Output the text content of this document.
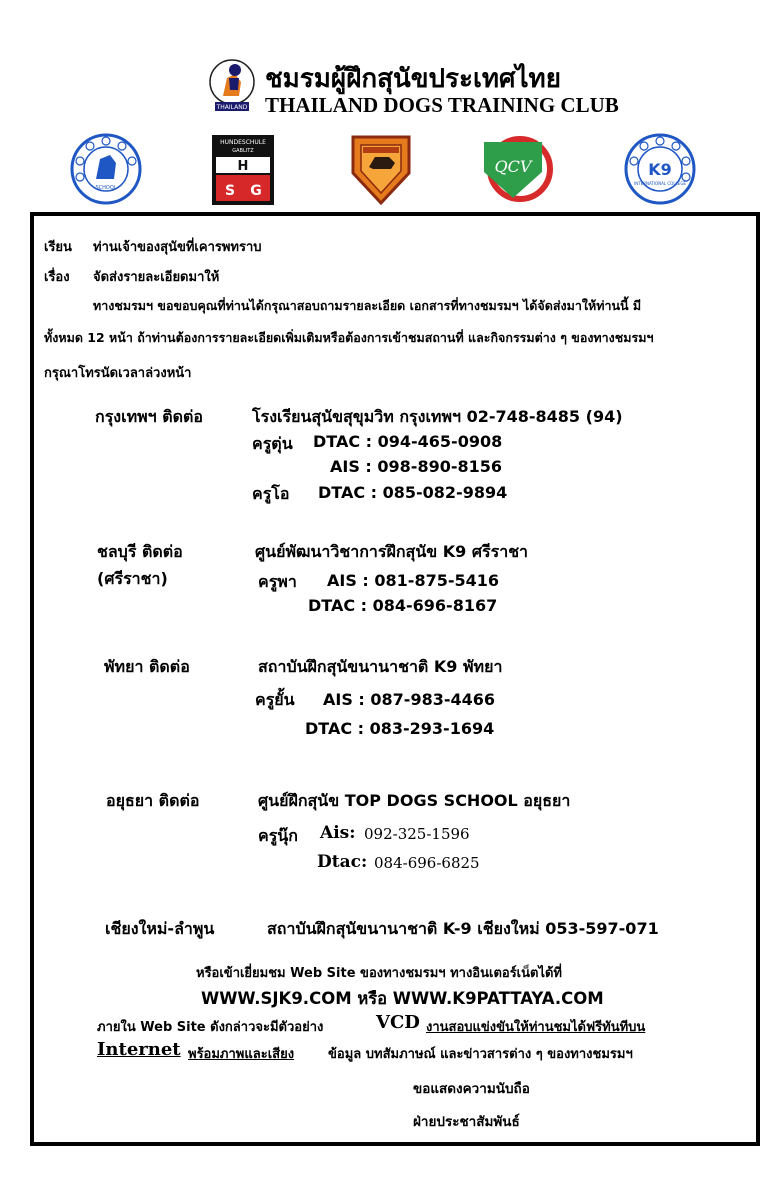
THAILAND
ชมรมผู้ฝึกสุนัขประเทศไทย
THAILAND DOGS TRAINING CLUB
SCHOOL
HUNDESCHULE
GABLITZ
H
S G
QCV	K9
INTERNATIONAL COLLEGE
เรียน ท่านเจ้าของสุนัขที่เคารพทราบ
เรื่อง จัดส่งรายละเอียดมาให้
ทางชมรมฯ ขอขอบคุณที่ท่านได้กรุณาสอบถามรายละเอียด เอกสารที่ทางชมรมฯ ได้จัดส่งมาให้ท่านนี้ มี
ทั้งหมด 12 หน้า ถ้าท่านต้องการรายละเอียดเพิ่มเติมหรือต้องการเข้าชมสถานที่ และกิจกรรมต่าง ๆ ของทางชมรมฯ
กรุณาโทรนัดเวลาล่วงหน้า
กรุงเทพฯ ติดต่อ	โรงเรียนสุนัขสุขุมวิท กรุงเทพฯ 02-748-8485 (94)
ครูตุ่น DTAC : 094-465-0908
AIS : 098-890-8156
ครูโอ DTAC : 085-082-9894
ชลบุรี ติดต่อ
(ศรีราชา)
ศูนย์พัฒนาวิชาการฝึกสุนัข K9 ศรีราชา
ครูพา AIS : 081-875-5416
DTAC : 084-696-8167
พัทยา ติดต่อ	สถาบันฝึกสุนัขนานาชาติ K9 พัทยา
ครูยั้น AIS : 087-983-4466
DTAC : 083-293-1694
อยุธยา ติดต่อ	ศูนย์ฝึกสุนัข TOP DOGS SCHOOL อยุธยา
ครูนุ๊ก Ais: 092-325-1596
Dtac: 084-696-6825
เชียงใหม่-ลำพูน	สถาบันฝึกสุนัขนานาชาติ K-9 เชียงใหม่ 053-597-071
หรือเข้าเยี่ยมชม Web Site ของทางชมรมฯ ทางอินเตอร์เน็ตได้ที่
WWW.SJK9.COM หรือ WWW.K9PATTAYA.COM
ภายใน Web Site ดังกล่าวจะมีตัวอย่าง	VCD งานสอบแข่งขันให้ท่านชมได้ฟรีทันทีบน
Internet พร้อมภาพและเสียง	ข้อมูล บทสัมภาษณ์ และข่าวสารต่าง ๆ ของทางชมรมฯ
ขอแสดงความนับถือ
ฝ่ายประชาสัมพันธ์
